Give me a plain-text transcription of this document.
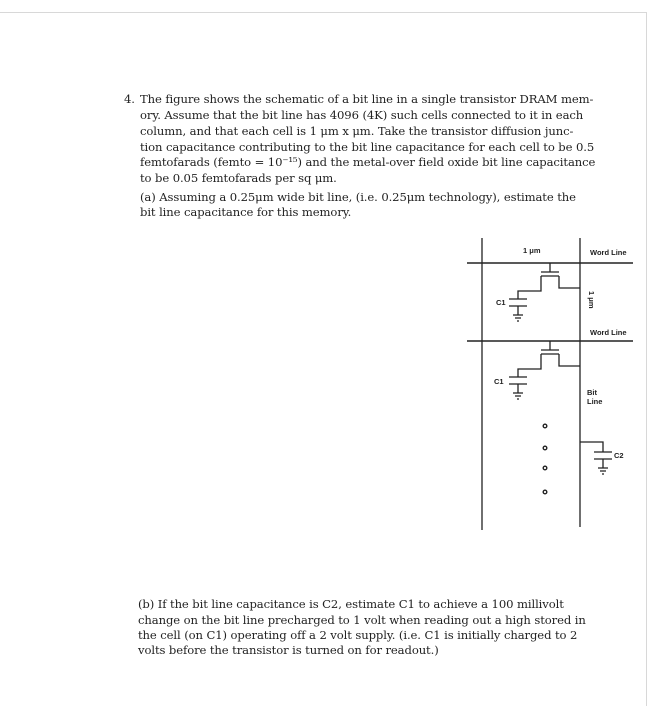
4. The figure shows the schematic of a bit line in a single transistor DRAM mem-
ory. Assume that the bit line has 4096 (4K) such cells connected to it in each
column, and that each cell is 1 μm x μm. Take the transistor diffusion junc-
tion capacitance contributing to the bit line capacitance for each cell to be 0.5
femtofarads (femto = 10⁻¹⁵) and the metal-over field oxide bit line capacitance
to be 0.05 femtofarads per sq μm.
(a) Assuming a 0.25μm wide bit line, (i.e. 0.25μm technology), estimate the
bit line capacitance for this memory.
(b) If the bit line capacitance is C2, estimate C1 to achieve a 100 millivolt
change on the bit line precharged to 1 volt when reading out a high stored in
the cell (on C1) operating off a 2 volt supply. (i.e. C1 is initially charged to 2
volts before the transistor is turned on for readout.)
1 μm	Word Line
Word Line
1 μm
C1
C1
Bit
Line
C2
